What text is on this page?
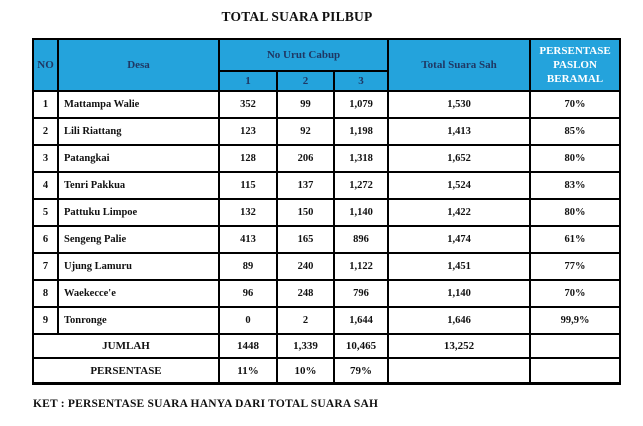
TOTAL SUARA PILBUP
NO	Desa	No Urut Cabup			Total Suara Sah	PERSENTASE PASLON BERAMAL
		1	2	3		
1	Mattampa Walie	352	99	1,079	1,530	70%
2	Lili Riattang	123	92	1,198	1,413	85%
3	Patangkai	128	206	1,318	1,652	80%
4	Tenri Pakkua	115	137	1,272	1,524	83%
5	Pattuku Limpoe	132	150	1,140	1,422	80%
6	Sengeng Palie	413	165	896	1,474	61%
7	Ujung Lamuru	89	240	1,122	1,451	77%
8	Waekecce'e	96	248	796	1,140	70%
9	Tonronge	0	2	1,644	1,646	99,9%
JUMLAH		1448	1,339	10,465	13,252	
PERSENTASE		11%	10%	79%		
KET : PERSENTASE SUARA HANYA DARI TOTAL SUARA SAH
